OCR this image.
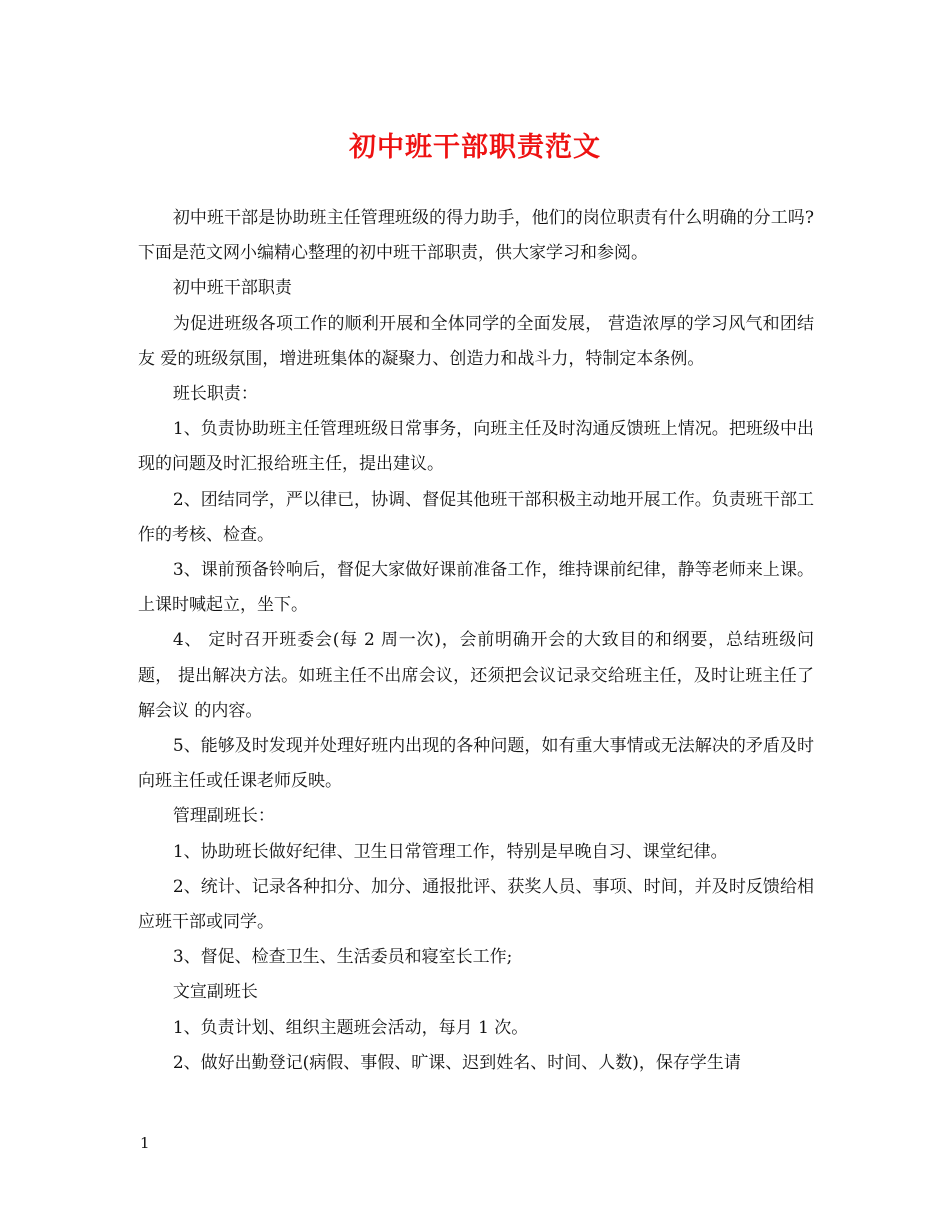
初中班干部职责范文

初中班干部是协助班主任管理班级的得力助手，他们的岗位职责有什么明确的分工吗?下面是范文网小编精心整理的初中班干部职责，供大家学习和参阅。

初中班干部职责

为促进班级各项工作的顺利开展和全体同学的全面发展， 营造浓厚的学习风气和团结友 爱的班级氛围，增进班集体的凝聚力、创造力和战斗力，特制定本条例。

班长职责：

1、负责协助班主任管理班级日常事务，向班主任及时沟通反馈班上情况。把班级中出 现的问题及时汇报给班主任，提出建议。

2、团结同学，严以律已，协调、督促其他班干部积极主动地开展工作。负责班干部工 作的考核、检查。

3、课前预备铃响后，督促大家做好课前准备工作，维持课前纪律，静等老师来上课。 上课时喊起立，坐下。

4、 定时召开班委会(每 2 周一次)，会前明确开会的大致目的和纲要，总结班级问题， 提出解决方法。如班主任不出席会议，还须把会议记录交给班主任，及时让班主任了解会议 的内容。

5、能够及时发现并处理好班内出现的各种问题，如有重大事情或无法解决的矛盾及时 向班主任或任课老师反映。

管理副班长：

1、协助班长做好纪律、卫生日常管理工作，特别是早晚自习、课堂纪律。

2、统计、记录各种扣分、加分、通报批评、获奖人员、事项、时间，并及时反馈给相 应班干部或同学。

3、督促、检查卫生、生活委员和寝室长工作;

文宣副班长

1、负责计划、组织主题班会活动，每月 1 次。

2、做好出勤登记(病假、事假、旷课、迟到姓名、时间、人数)，保存学生请

1
